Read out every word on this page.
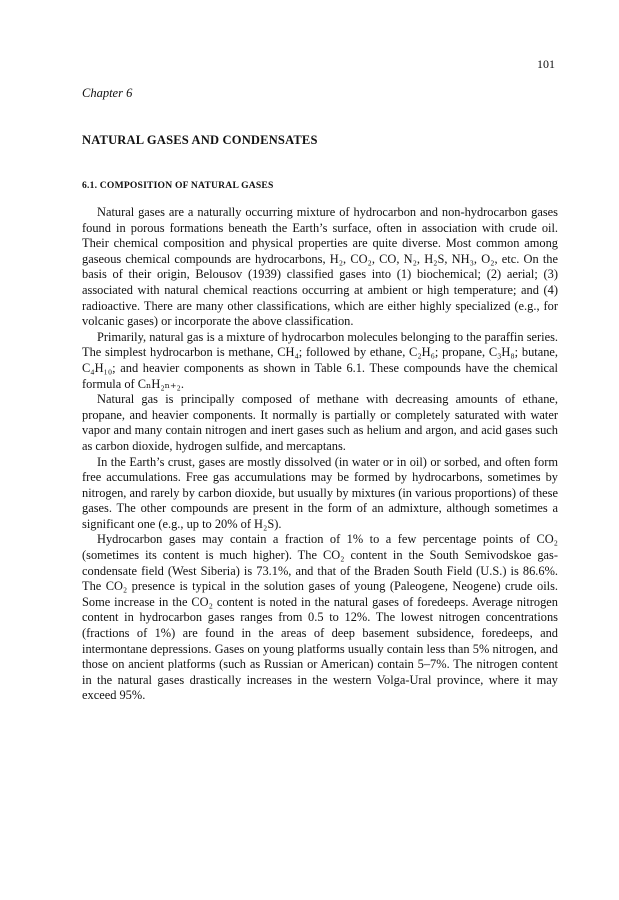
101

Chapter 6

NATURAL GASES AND CONDENSATES
6.1. COMPOSITION OF NATURAL GASES

Natural gases are a naturally occurring mixture of hydrocarbon and non-hydrocarbon gases found in porous formations beneath the Earth’s surface, often in association with crude oil. Their chemical composition and physical properties are quite diverse. Most common among gaseous chemical compounds are hydrocarbons, H₂, CO₂, CO, N₂, H₂S, NH₃, O₂, etc. On the basis of their origin, Belousov (1939) classified gases into (1) biochemical; (2) aerial; (3) associated with natural chemical reactions occurring at ambient or high temperature; and (4) radioactive. There are many other classifications, which are either highly specialized (e.g., for volcanic gases) or incorporate the above classification.

Primarily, natural gas is a mixture of hydrocarbon molecules belonging to the paraffin series. The simplest hydrocarbon is methane, CH₄; followed by ethane, C₂H₆; propane, C₃H₈; butane, C₄H₁₀; and heavier components as shown in Table 6.1. These compounds have the chemical formula of CₙH₂ₙ₊₂.

Natural gas is principally composed of methane with decreasing amounts of ethane, propane, and heavier components. It normally is partially or completely saturated with water vapor and many contain nitrogen and inert gases such as helium and argon, and acid gases such as carbon dioxide, hydrogen sulfide, and mercaptans.

In the Earth’s crust, gases are mostly dissolved (in water or in oil) or sorbed, and often form free accumulations. Free gas accumulations may be formed by hydrocarbons, sometimes by nitrogen, and rarely by carbon dioxide, but usually by mixtures (in various proportions) of these gases. The other compounds are present in the form of an admixture, although sometimes a significant one (e.g., up to 20% of H₂S).

Hydrocarbon gases may contain a fraction of 1% to a few percentage points of CO₂ (sometimes its content is much higher). The CO₂ content in the South Semivodskoe gas-condensate field (West Siberia) is 73.1%, and that of the Braden South Field (U.S.) is 86.6%. The CO₂ presence is typical in the solution gases of young (Paleogene, Neogene) crude oils. Some increase in the CO₂ content is noted in the natural gases of foredeeps. Average nitrogen content in hydrocarbon gases ranges from 0.5 to 12%. The lowest nitrogen concentrations (fractions of 1%) are found in the areas of deep basement subsidence, foredeeps, and intermontane depressions. Gases on young platforms usually contain less than 5% nitrogen, and those on ancient platforms (such as Russian or American) contain 5–7%. The nitrogen content in the natural gases drastically increases in the western Volga-Ural province, where it may exceed 95%.
